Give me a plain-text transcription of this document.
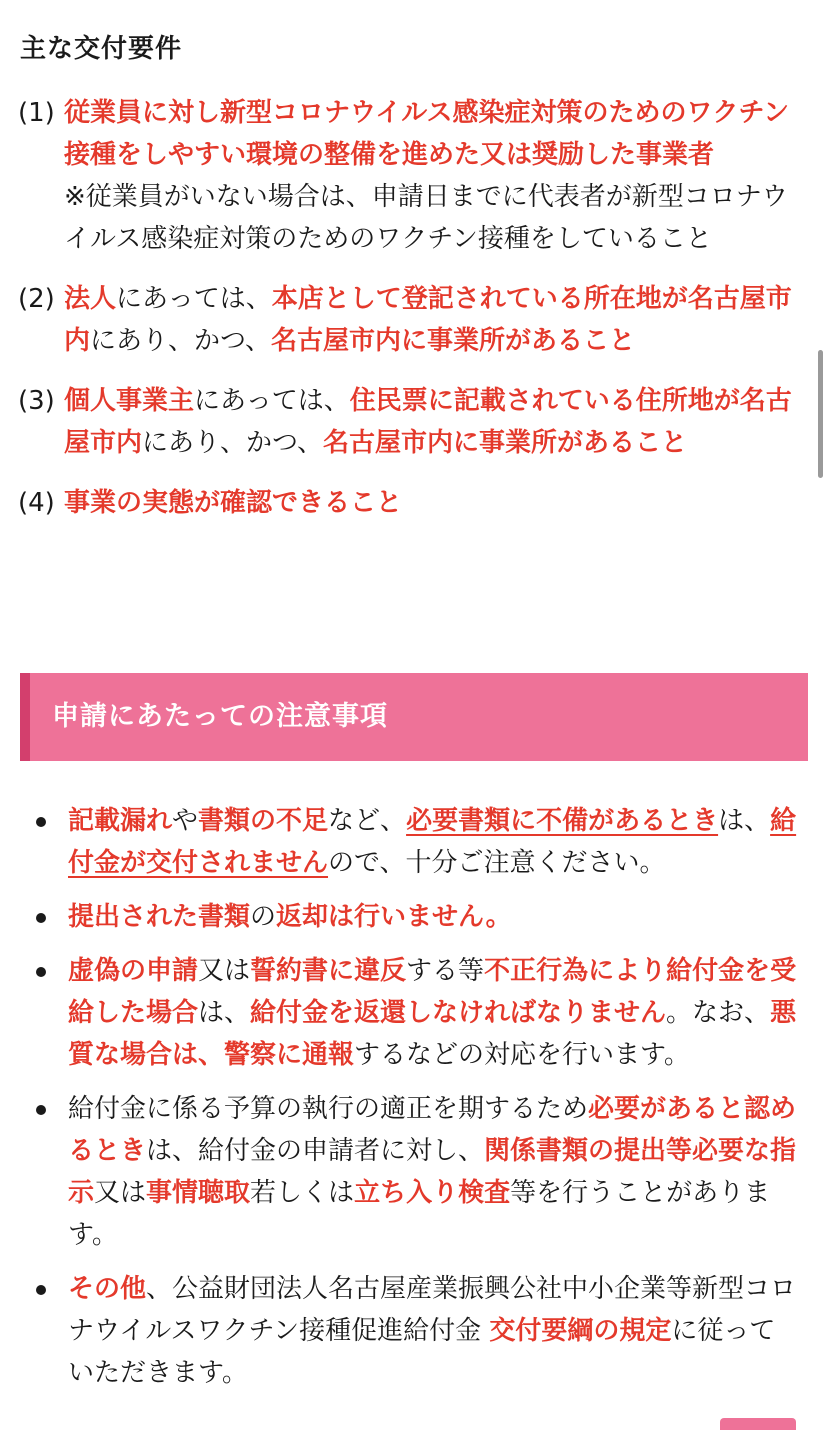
主な交付要件
(1) 従業員に対し新型コロナウイルス感染症対策のためのワクチン接種をしやすい環境の整備を進めた又は奨励した事業者
※従業員がいない場合は、申請日までに代表者が新型コロナウイルス感染症対策のためのワクチン接種をしていること
(2) 法人にあっては、本店として登記されている所在地が名古屋市内にあり、かつ、名古屋市内に事業所があること
(3) 個人事業主にあっては、住民票に記載されている住所地が名古屋市内にあり、かつ、名古屋市内に事業所があること
(4) 事業の実態が確認できること
申請にあたっての注意事項
記載漏れや書類の不足など、必要書類に不備があるときは、給付金が交付されませんので、十分ご注意ください。
提出された書類の返却は行いません。
虚偽の申請又は誓約書に違反する等不正行為により給付金を受給した場合は、給付金を返還しなければなりません。なお、悪質な場合は、警察に通報するなどの対応を行います。
給付金に係る予算の執行の適正を期するため必要があると認めるときは、給付金の申請者に対し、関係書類の提出等必要な指示又は事情聴取若しくは立ち入り検査等を行うことがあります。
その他、公益財団法人名古屋産業振興公社中小企業等新型コロナウイルスワクチン接種促進給付金 交付要綱の規定に従っていただきます。
